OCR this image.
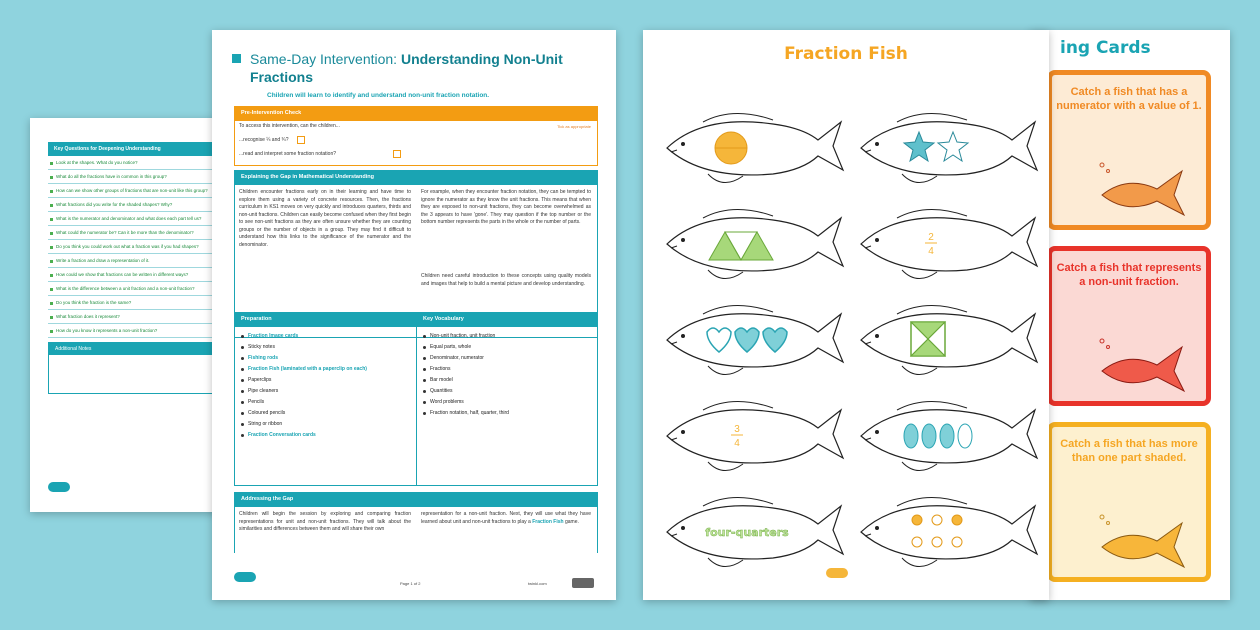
Key Questions for Deepening Understanding
Look at the shapes. What do you notice?
What do all the fractions have in common in this group?
How can we show other groups of fractions that are non-unit like this group?
What fractions did you write for the shaded shapes? Why?
What is the numerator and denominator and what does each part tell us?
What could the numerator be? Can it be more than the denominator?
Do you think you could work out what a fraction was if you had shapes?
Write a fraction and draw a representation of it.
How could we show that fractions can be written in different ways?
What is the difference between a unit fraction and a non-unit fraction?
Do you think the fraction is the same?
What fraction does it represent?
How do you know it represents a non-unit fraction?
Additional Notes
Same-Day Intervention: Understanding Non-Unit Fractions
Children will learn to identify and understand non-unit fraction notation.
Pre-Intervention Check
To access this intervention, can the children...	Tick as appropriate
...recognise ¼ and ¾?
...read and interpret some fraction notation?
Explaining the Gap in Mathematical Understanding
Children encounter fractions early on in their learning and have time to explore them using a variety of concrete resources. Then, the fractions curriculum in KS1 moves on very quickly and introduces quarters, thirds and non-unit fractions. Children can easily become confused when they first begin to see non-unit fractions as they are often unsure whether they are counting groups or the number of objects in a group. They may find it difficult to understand how this links to the significance of the numerator and the denominator.
For example, when they encounter fraction notation, they can be tempted to ignore the numerator as they know the unit fractions. This means that when they are exposed to non-unit fractions, they can become overwhelmed as the 3 appears to have 'gone'. They may question if the top number or the bottom number represents the parts in the whole or the number of parts.
Children need careful introduction to these concepts using quality models and images that help to build a mental picture and develop understanding.
Preparation
Fraction Image cards
Sticky notes
Fishing rods
Fraction Fish (laminated with a paperclip on each)
Paperclips
Pipe cleaners
Pencils
Coloured pencils
String or ribbon
Fraction Conversation cards
Key Vocabulary
Non-unit fraction, unit fraction
Equal parts, whole
Denominator, numerator
Fractions
Bar model
Quantities
Word problems
Fraction notation, half, quarter, third
Addressing the Gap
Children will begin the session by exploring and comparing fraction representations for unit and non-unit fractions. They will talk about the similarities and differences between them and will share their own
representation for a non-unit fraction. Next, they will use what they have learned about unit and non-unit fractions to play a Fraction Fish game.
Page 1 of 2	twinkl.com
ing Cards
Catch a fish that has a numerator with a value of 1.
Catch a fish that represents a non-unit fraction.
Catch a fish that has more than one part shaded.
Fraction Fish
2
4
3
4
four-quarters
